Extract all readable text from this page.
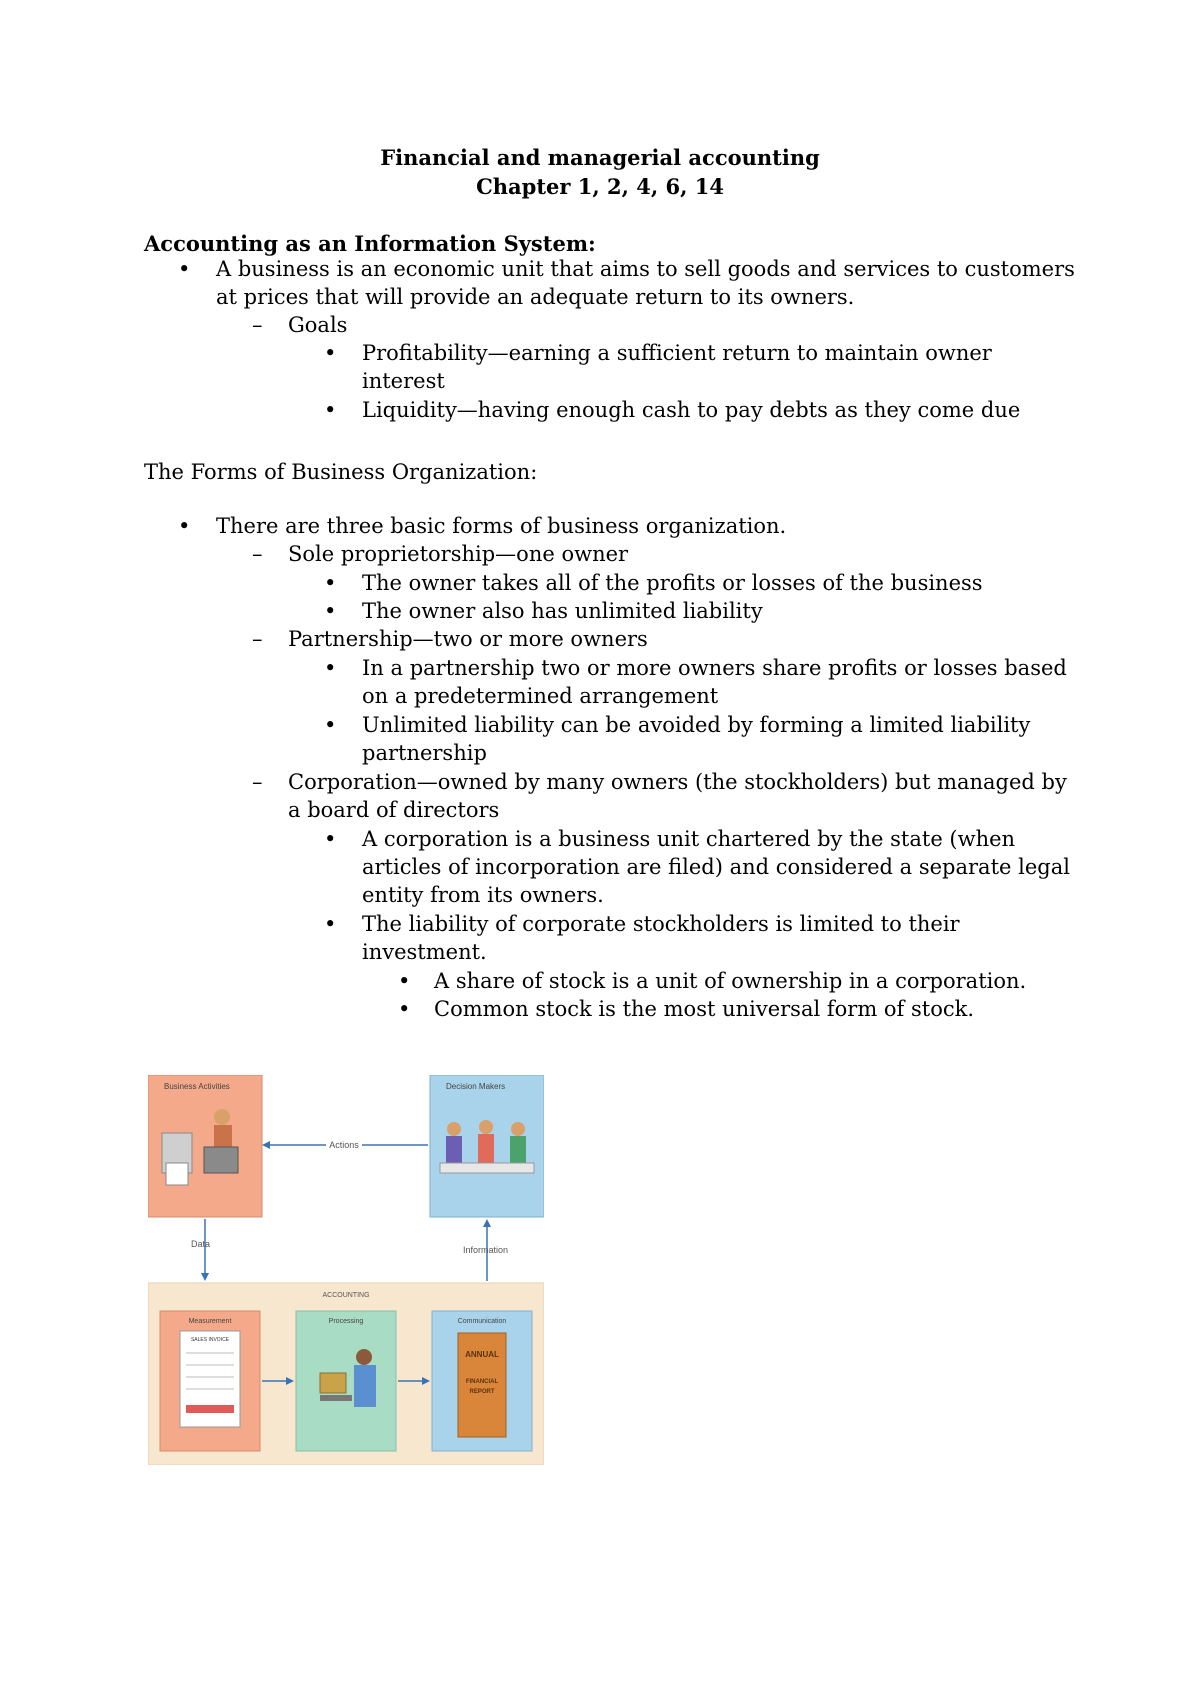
Financial and managerial accounting
Chapter 1, 2, 4, 6, 14
Accounting as an Information System:
• A business is an economic unit that aims to sell goods and services to customers
at prices that will provide an adequate return to its owners.
– Goals
• Profitability—earning a sufficient return to maintain owner
interest
• Liquidity—having enough cash to pay debts as they come due
The Forms of Business Organization:
• There are three basic forms of business organization.
– Sole proprietorship—one owner
• The owner takes all of the profits or losses of the business
• The owner also has unlimited liability
– Partnership—two or more owners
• In a partnership two or more owners share profits or losses based
on a predetermined arrangement
• Unlimited liability can be avoided by forming a limited liability
partnership
– Corporation—owned by many owners (the stockholders) but managed by
a board of directors
• A corporation is a business unit chartered by the state (when
articles of incorporation are filed) and considered a separate legal
entity from its owners.
• The liability of corporate stockholders is limited to their
investment.
• A share of stock is a unit of ownership in a corporation.
• Common stock is the most universal form of stock.
Business Activities	Decision Makers
Actions
Data
Information
ACCOUNTING
Measurement
SALES INVOICE
Processing	Communication
ANNUAL
FINANCIAL
REPORT
